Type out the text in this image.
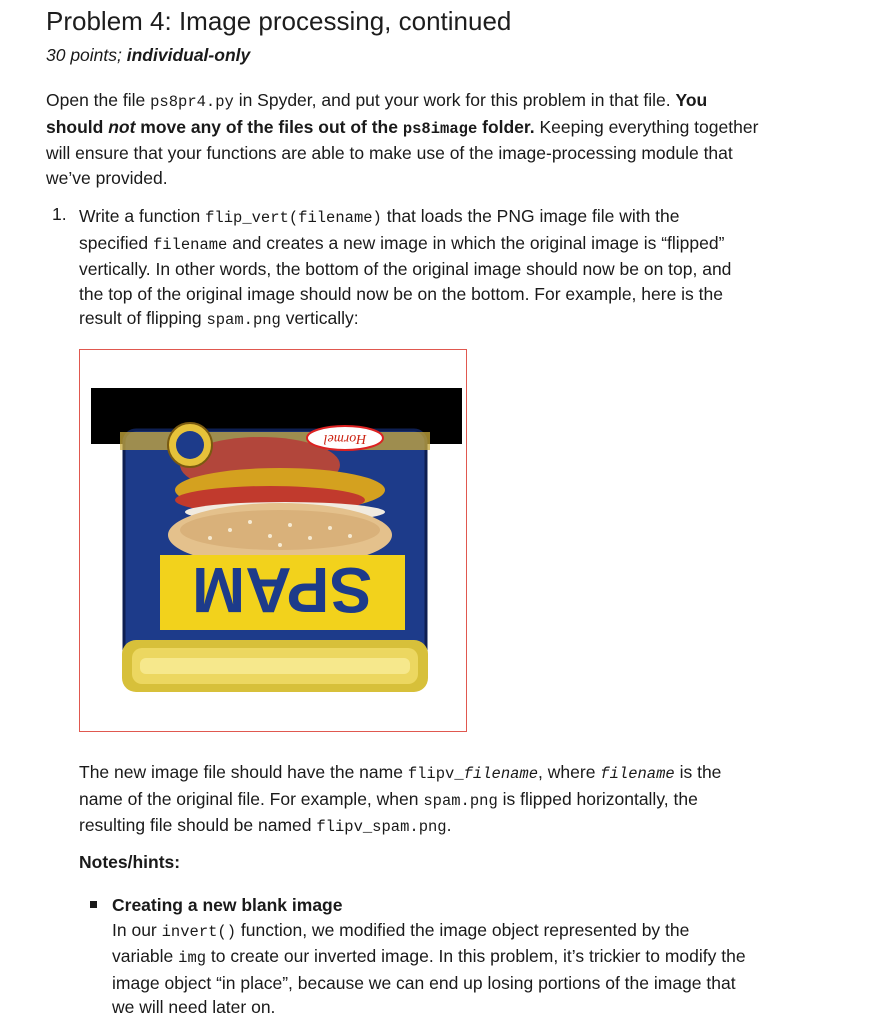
Problem 4: Image processing, continued
30 points; individual-only
Open the file ps8pr4.py in Spyder, and put your work for this problem in that file. You
should not move any of the files out of the ps8image folder. Keeping everything together
will ensure that your functions are able to make use of the image-processing module that
we’ve provided.
1. Write a function flip_vert(filename) that loads the PNG image file with the
specified filename and creates a new image in which the original image is “flipped”
vertically. In other words, the bottom of the original image should now be on top, and
the top of the original image should now be on the bottom. For example, here is the
result of flipping spam.png vertically:
Hormel
SPAM
The new image file should have the name flipv_filename, where filename is the
name of the original file. For example, when spam.png is flipped horizontally, the
resulting file should be named flipv_spam.png.
Notes/hints:
Creating a new blank image
In our invert() function, we modified the image object represented by the
variable img to create our inverted image. In this problem, it’s trickier to modify the
image object “in place”, because we can end up losing portions of the image that
we will need later on.
